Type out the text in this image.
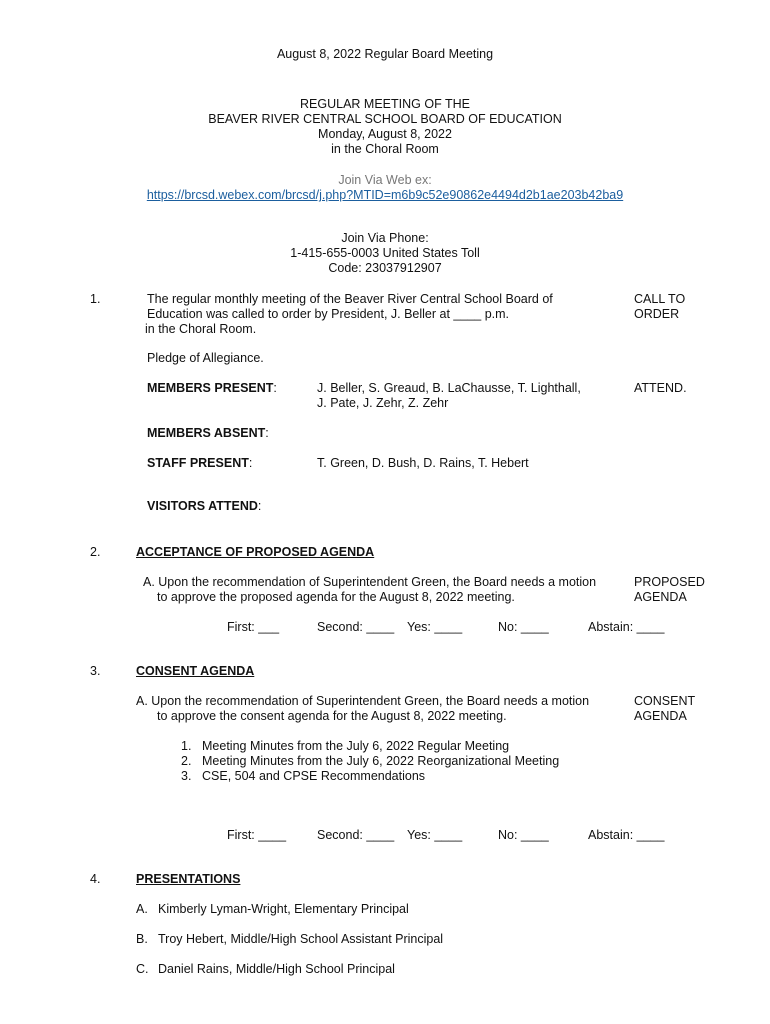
August 8, 2022 Regular Board Meeting
REGULAR MEETING OF THE
BEAVER RIVER CENTRAL SCHOOL BOARD OF EDUCATION
Monday, August 8, 2022
in the Choral Room
Join Via Web ex:
https://brcsd.webex.com/brcsd/j.php?MTID=m6b9c52e90862e4494d2b1ae203b42ba9
Join Via Phone:
1-415-655-0003 United States Toll
Code: 23037912907
1.	The regular monthly meeting of the Beaver River Central School Board of
Education was called to order by President, J. Beller at ____ p.m.
in the Choral Room.
CALL TO
ORDER
Pledge of Allegiance.
MEMBERS PRESENT:	J. Beller, S. Greaud, B. LaChausse, T. Lighthall,
J. Pate, J. Zehr, Z. Zehr
ATTEND.
MEMBERS ABSENT:
STAFF PRESENT:	T. Green, D. Bush, D. Rains, T. Hebert
VISITORS ATTEND:
2.	ACCEPTANCE OF PROPOSED AGENDA
A. Upon the recommendation of Superintendent Green, the Board needs a motion
to approve the proposed agenda for the August 8, 2022 meeting.
PROPOSED
AGENDA
First: ___	Second: ____ Yes: ____	No: ____	Abstain: ____
3.	CONSENT AGENDA
A. Upon the recommendation of Superintendent Green, the Board needs a motion
to approve the consent agenda for the August 8, 2022 meeting.
CONSENT
AGENDA
1. Meeting Minutes from the July 6, 2022 Regular Meeting
2. Meeting Minutes from the July 6, 2022 Reorganizational Meeting
3. CSE, 504 and CPSE Recommendations
First: ____ Second: ____ Yes: ____	No: ____	Abstain: ____
4.	PRESENTATIONS
A. Kimberly Lyman-Wright, Elementary Principal
B. Troy Hebert, Middle/High School Assistant Principal
C. Daniel Rains, Middle/High School Principal
